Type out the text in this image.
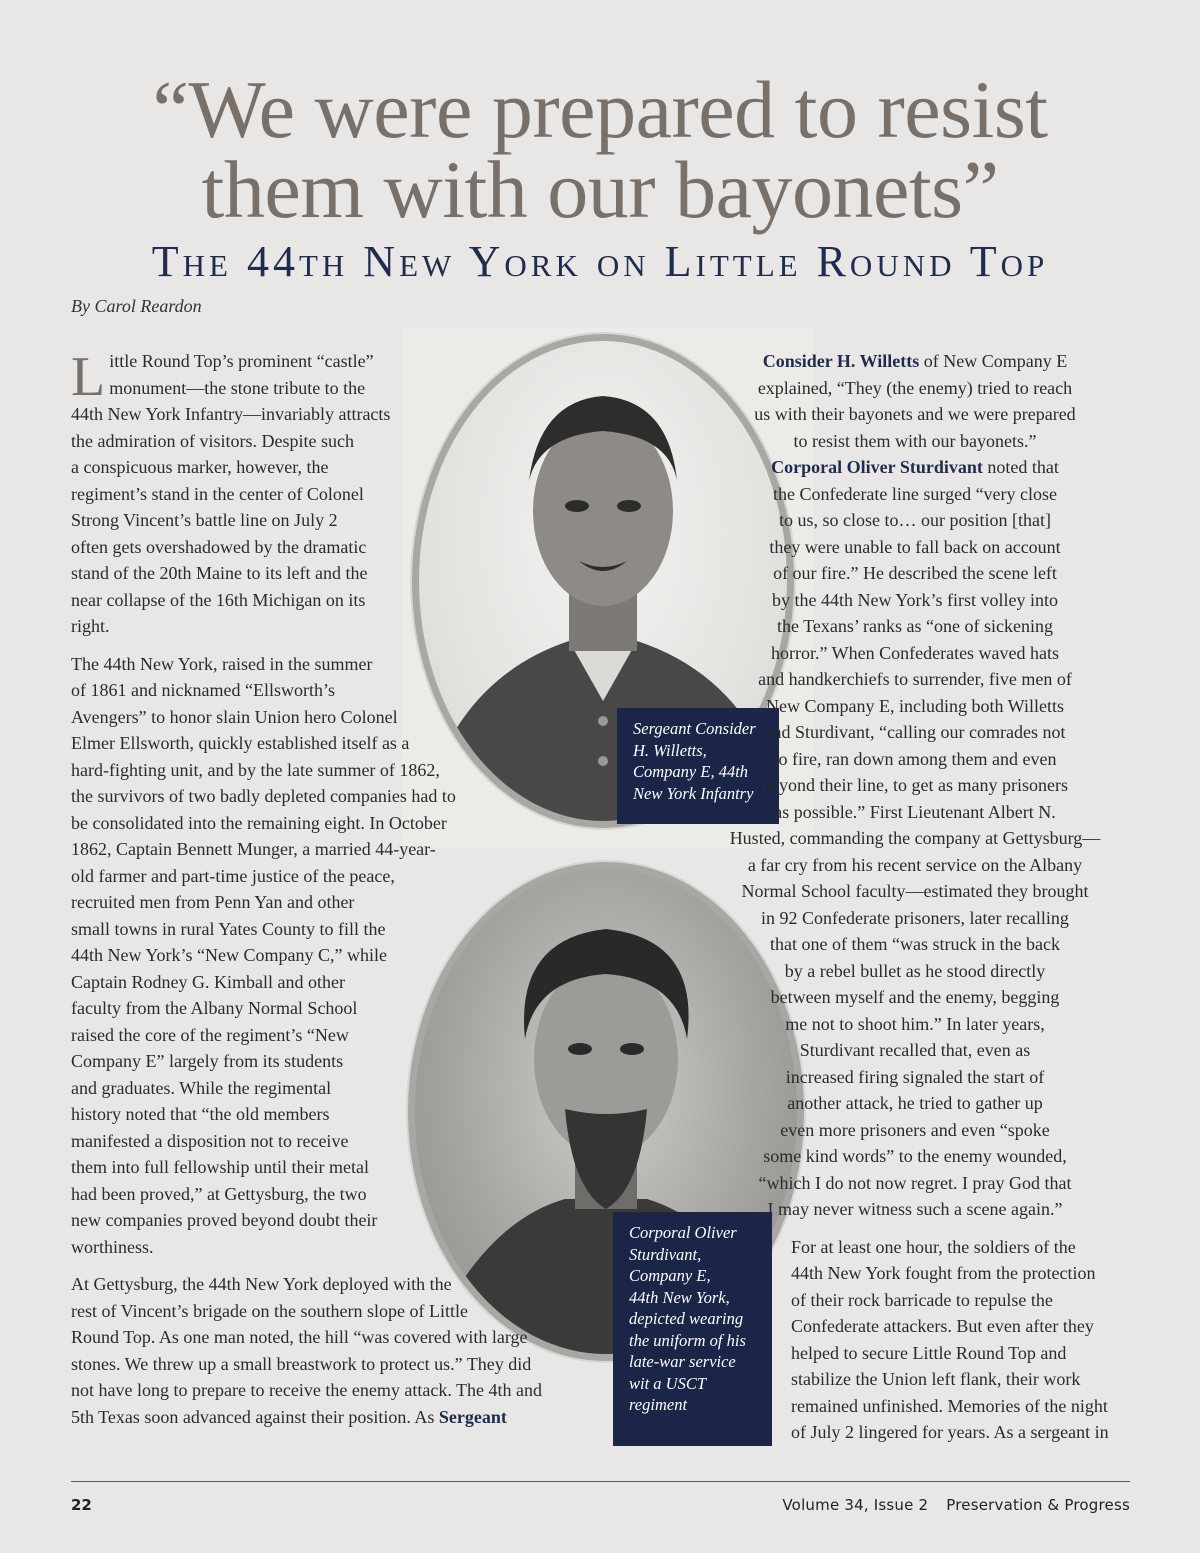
“We were prepared to resist
them with our bayonets”
The 44th New York on Little Round Top
By Carol Reardon
Sergeant Consider
H. Willetts,
Company E, 44th
New York Infantry
Corporal Oliver
Sturdivant,
Company E,
44th New York,
depicted wearing
the uniform of his
late-war service
wit a USCT
regiment

L ittle Round Top’s prominent “castle”
monument—the stone tribute to the
44th New York Infantry—invariably attracts
the admiration of visitors. Despite such
a conspicuous marker, however, the
regiment’s stand in the center of Colonel
Strong Vincent’s battle line on July 2
often gets overshadowed by the dramatic
stand of the 20th Maine to its left and the
near collapse of the 16th Michigan on its
right.

The 44th New York, raised in the summer
of 1861 and nicknamed “Ellsworth’s
Avengers” to honor slain Union hero Colonel
Elmer Ellsworth, quickly established itself as a
hard-fighting unit, and by the late summer of 1862,
the survivors of two badly depleted companies had to
be consolidated into the remaining eight. In October
1862, Captain Bennett Munger, a married 44-year-
old farmer and part-time justice of the peace,
recruited men from Penn Yan and other
small towns in rural Yates County to fill the
44th New York’s “New Company C,” while
Captain Rodney G. Kimball and other
faculty from the Albany Normal School
raised the core of the regiment’s “New
Company E” largely from its students
and graduates. While the regimental
history noted that “the old members
manifested a disposition not to receive
them into full fellowship until their metal
had been proved,” at Gettysburg, the two
new companies proved beyond doubt their
worthiness.

At Gettysburg, the 44th New York deployed with the
rest of Vincent’s brigade on the southern slope of Little
Round Top. As one man noted, the hill “was covered with large
stones. We threw up a small breastwork to protect us.” They did
not have long to prepare to receive the enemy attack. The 4th and
5th Texas soon advanced against their position. As Sergeant

Consider H. Willetts of New Company E
explained, “They (the enemy) tried to reach
us with their bayonets and we were prepared
to resist them with our bayonets.”
Corporal Oliver Sturdivant noted that
the Confederate line surged “very close
to us, so close to… our position [that]
they were unable to fall back on account
of our fire.” He described the scene left
by the 44th New York’s first volley into
the Texans’ ranks as “one of sickening
horror.” When Confederates waved hats
and handkerchiefs to surrender, five men of
New Company E, including both Willetts
and Sturdivant, “calling our comrades not
to fire, ran down among them and even
beyond their line, to get as many prisoners
as possible.” First Lieutenant Albert N.
Husted, commanding the company at Gettysburg—
a far cry from his recent service on the Albany
Normal School faculty—estimated they brought
in 92 Confederate prisoners, later recalling
that one of them “was struck in the back
by a rebel bullet as he stood directly
between myself and the enemy, begging
me not to shoot him.” In later years,
Sturdivant recalled that, even as
increased firing signaled the start of
another attack, he tried to gather up
even more prisoners and even “spoke
some kind words” to the enemy wounded,
“which I do not now regret. I pray God that
I may never witness such a scene again.”

For at least one hour, the soldiers of the
44th New York fought from the protection
of their rock barricade to repulse the
Confederate attackers. But even after they
helped to secure Little Round Top and
stabilize the Union left flank, their work
remained unfinished. Memories of the night
of July 2 lingered for years. As a sergeant in

22	Volume 34, Issue 2 Preservation & Progress
